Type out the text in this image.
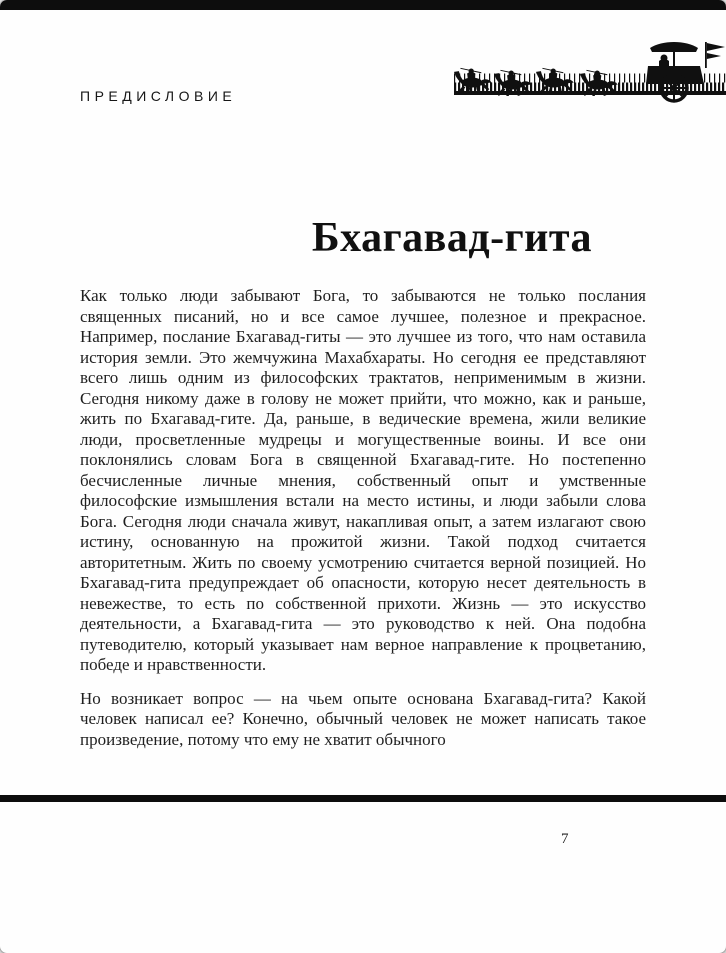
ПРЕДИСЛОВИЕ
Бхагавад-гита

Как только люди забывают Бога, то забываются не только послания священных писаний, но и все самое лучшее, полезное и прекрасное. Например, послание Бхагавад-гиты — это лучшее из того, что нам оставила история земли. Это жемчужина Махабхараты. Но сегодня ее представляют всего лишь одним из философских трактатов, неприменимым в жизни. Сегодня никому даже в голову не может прийти, что можно, как и раньше, жить по Бхагавад-гите. Да, раньше, в ведические времена, жили великие люди, просветленные мудрецы и могущественные воины. И все они поклонялись словам Бога в священной Бхагавад-гите. Но постепенно бесчисленные личные мнения, собственный опыт и умственные философские измышления встали на место истины, и люди забыли слова Бога. Сегодня люди сначала живут, накапливая опыт, а затем излагают свою истину, основанную на прожитой жизни. Такой подход считается авторитетным. Жить по своему усмотрению считается верной позицией. Но Бхагавад-гита предупреждает об опасности, которую несет деятельность в невежестве, то есть по собственной прихоти. Жизнь — это искусство деятельности, а Бхагавад-гита — это руководство к ней. Она подобна путеводителю, который указывает нам верное направление к процветанию, победе и нравственности.

Но возникает вопрос — на чьем опыте основана Бхагавад-гита? Какой человек написал ее? Конечно, обычный человек не может написать такое произведение, потому что ему не хватит обычного

7
